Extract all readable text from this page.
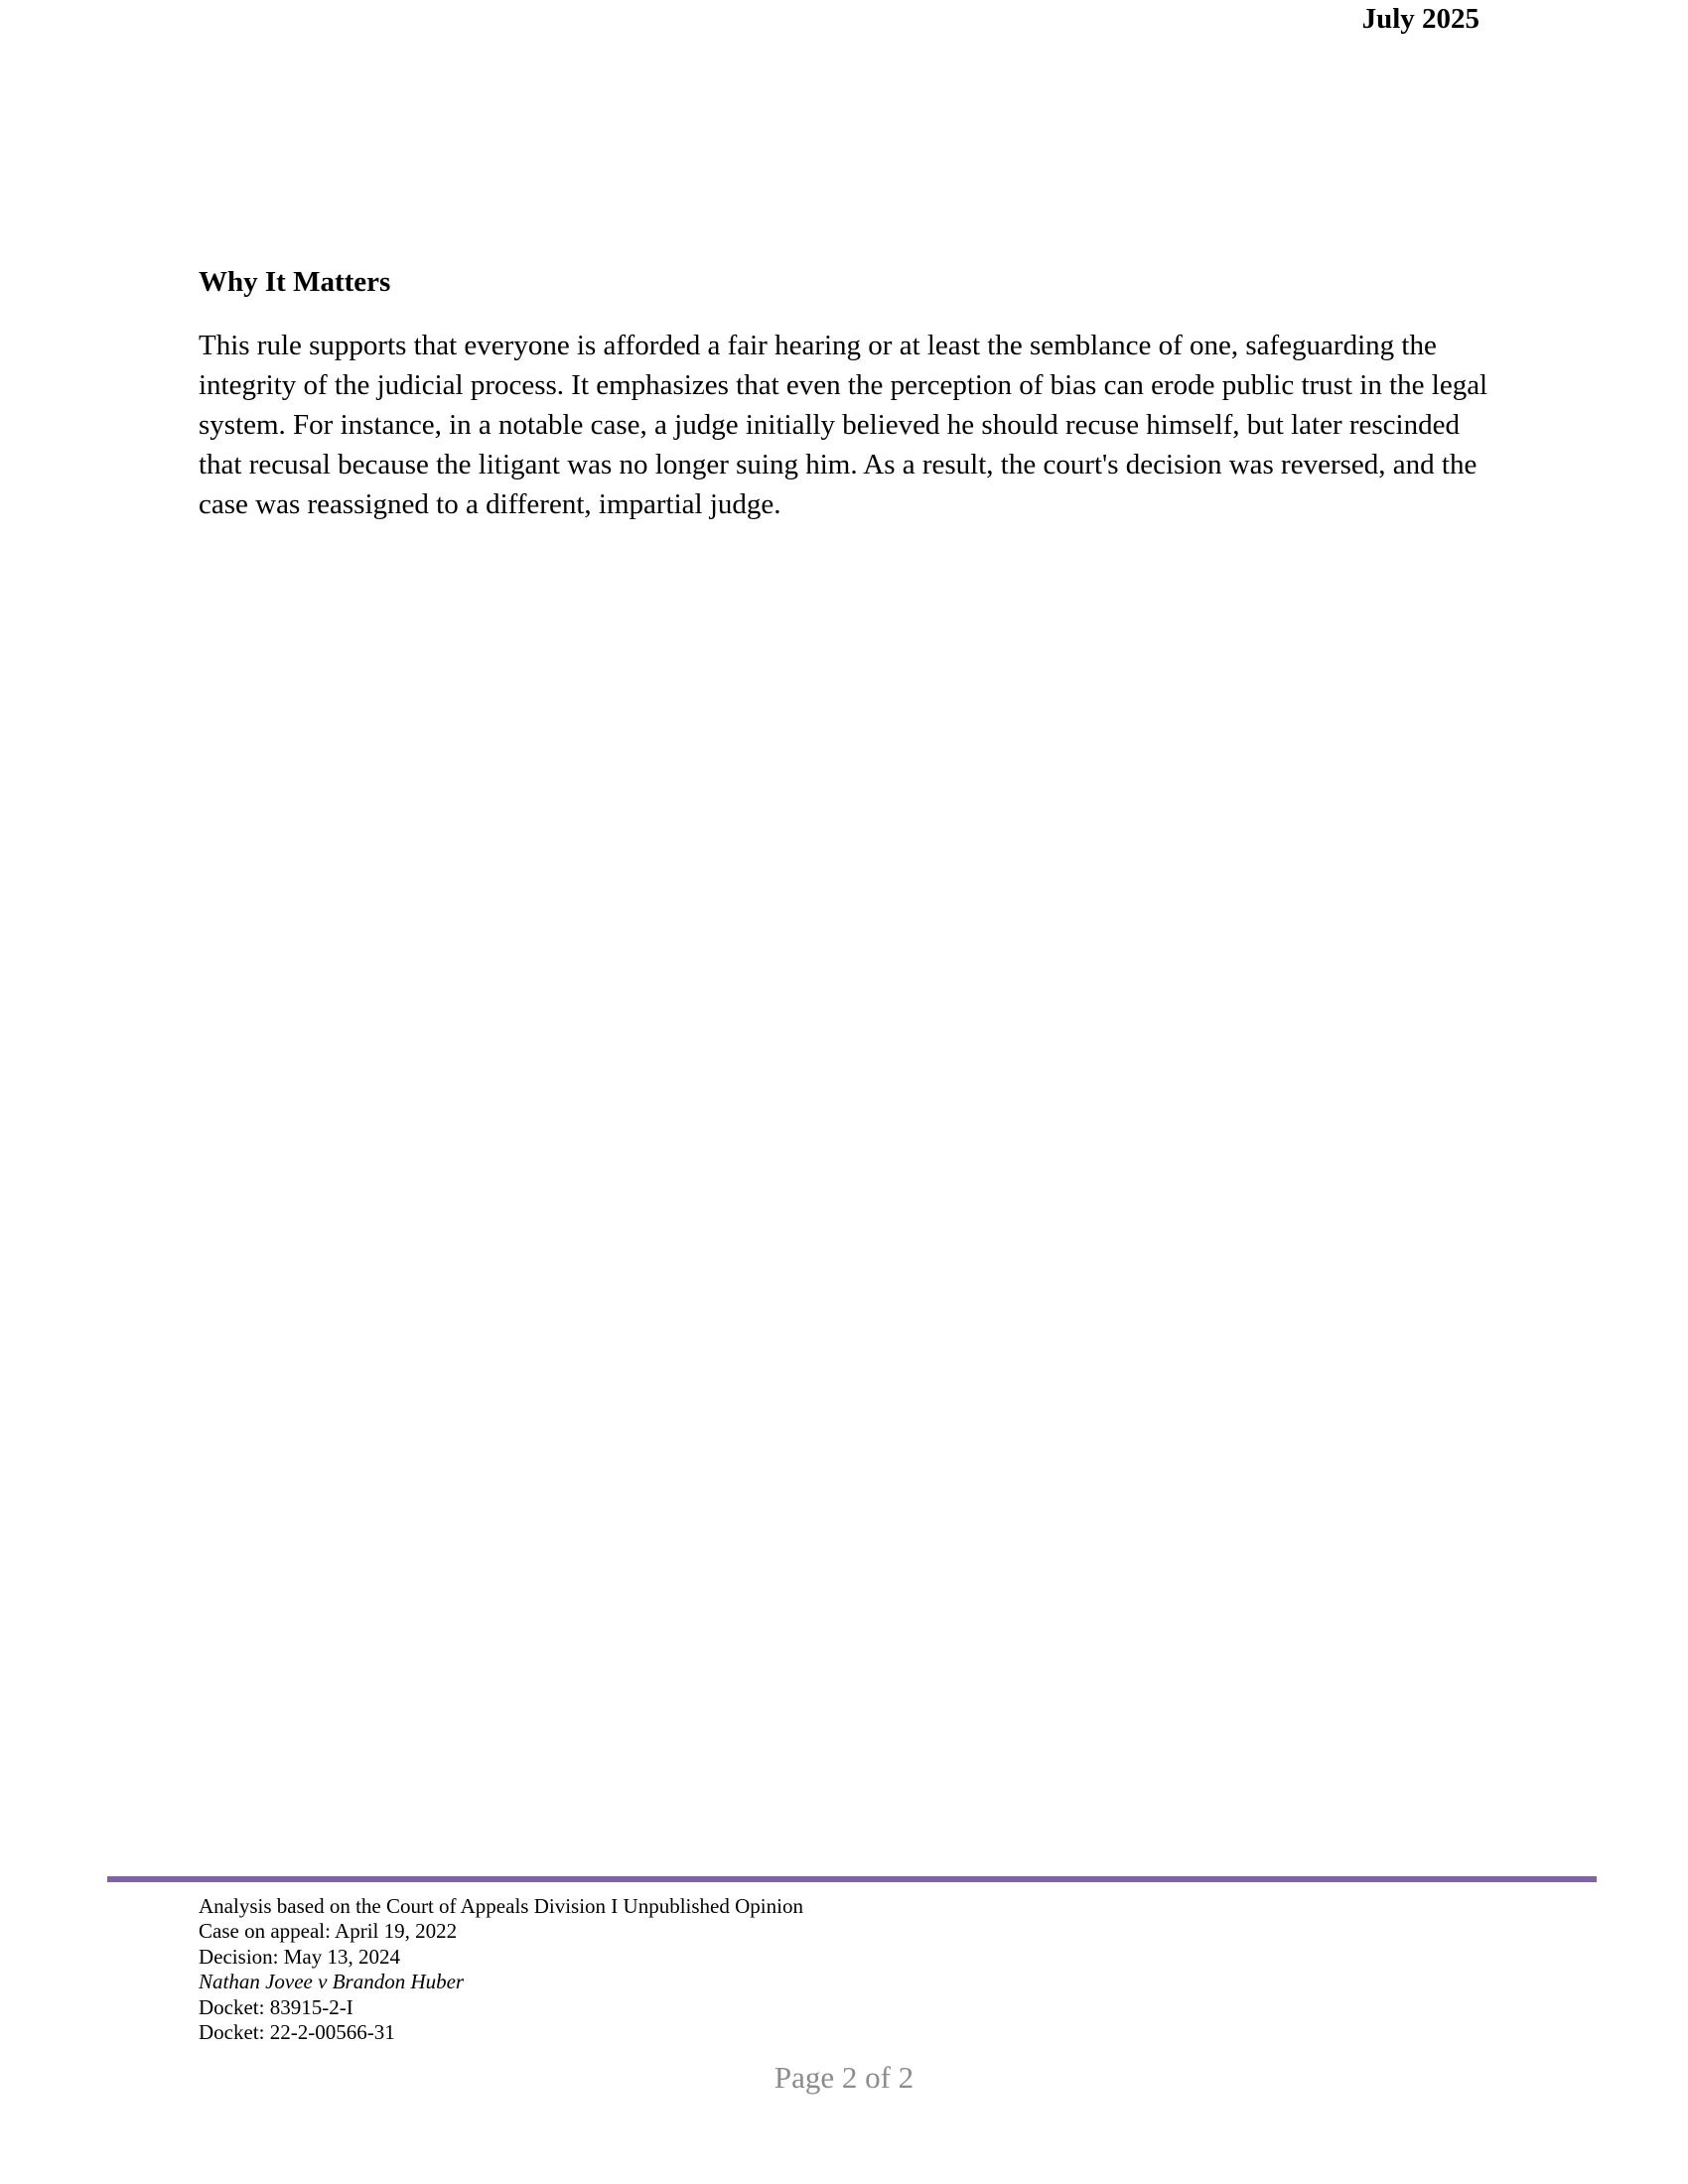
July 2025
Why It Matters

This rule supports that everyone is afforded a fair hearing or at least the semblance of one, safeguarding the integrity of the judicial process. It emphasizes that even the perception of bias can erode public trust in the legal system. For instance, in a notable case, a judge initially believed he should recuse himself, but later rescinded that recusal because the litigant was no longer suing him. As a result, the court's decision was reversed, and the case was reassigned to a different, impartial judge.

Analysis based on the Court of Appeals Division I Unpublished Opinion
Case on appeal: April 19, 2022
Decision: May 13, 2024
Nathan Jovee v Brandon Huber
Docket: 83915-2-I
Docket: 22-2-00566-31
Page 2 of 2
